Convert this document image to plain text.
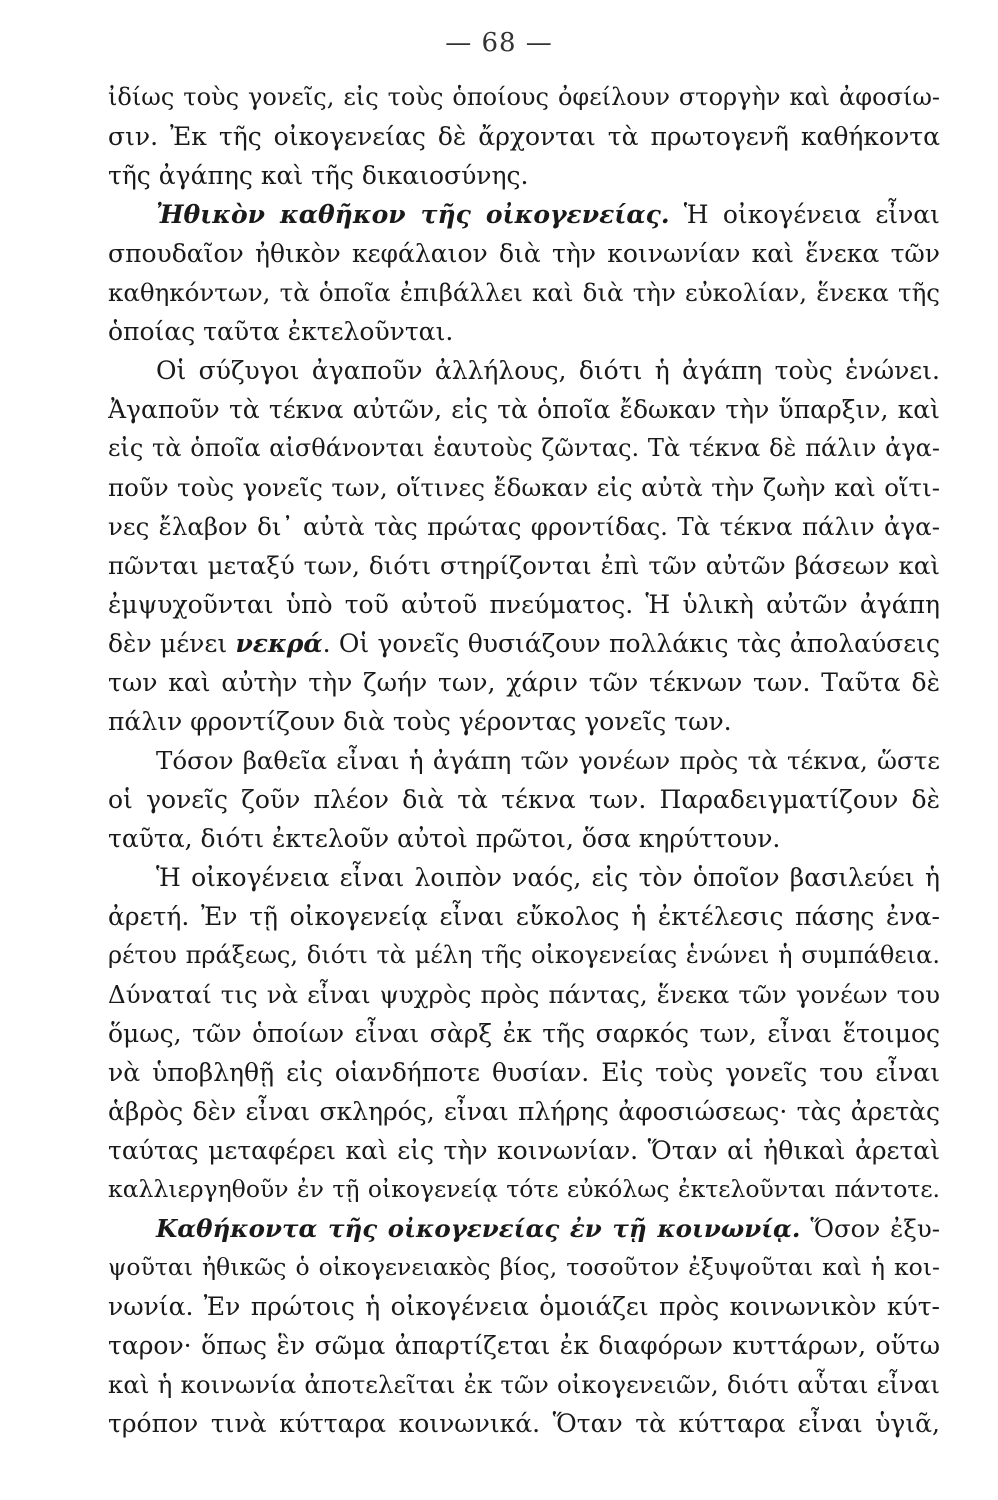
— 68 —
ἰδίως τοὺς γονεῖς, εἰς τοὺς ὁποίους ὀφείλουν στοργὴν καὶ ἀφοσίω-
σιν. Ἐκ τῆς οἰκογενείας δὲ ἄρχονται τὰ πρωτογενῆ καθήκοντα
τῆς ἀγάπης καὶ τῆς δικαιοσύνης.
Ἠθικὸν καθῆκον τῆς οἰκογενείας. Ἡ οἰκογένεια εἶναι
σπουδαῖον ἠθικὸν κεφάλαιον διὰ τὴν κοινωνίαν καὶ ἕνεκα τῶν
καθηκόντων, τὰ ὁποῖα ἐπιβάλλει καὶ διὰ τὴν εὐκολίαν, ἕνεκα τῆς
ὁποίας ταῦτα ἐκτελοῦνται.
Οἱ σύζυγοι ἀγαποῦν ἀλλήλους, διότι ἡ ἀγάπη τοὺς ἑνώνει.
Ἀγαποῦν τὰ τέκνα αὐτῶν, εἰς τὰ ὁποῖα ἔδωκαν τὴν ὕπαρξιν, καὶ
εἰς τὰ ὁποῖα αἰσθάνονται ἑαυτοὺς ζῶντας. Τὰ τέκνα δὲ πάλιν ἀγα-
ποῦν τοὺς γονεῖς των, οἵτινες ἔδωκαν εἰς αὐτὰ τὴν ζωὴν καὶ οἵτι-
νες ἔλαβον δι᾽ αὐτὰ τὰς πρώτας φροντίδας. Τὰ τέκνα πάλιν ἀγα-
πῶνται μεταξύ των, διότι στηρίζονται ἐπὶ τῶν αὐτῶν βάσεων καὶ
ἐμψυχοῦνται ὑπὸ τοῦ αὐτοῦ πνεύματος. Ἡ ὑλικὴ αὐτῶν ἀγάπη
δὲν μένει νεκρά. Οἱ γονεῖς θυσιάζουν πολλάκις τὰς ἀπολαύσεις
των καὶ αὐτὴν τὴν ζωήν των, χάριν τῶν τέκνων των. Ταῦτα δὲ
πάλιν φροντίζουν διὰ τοὺς γέροντας γονεῖς των.
Τόσον βαθεῖα εἶναι ἡ ἀγάπη τῶν γονέων πρὸς τὰ τέκνα, ὥστε
οἱ γονεῖς ζοῦν πλέον διὰ τὰ τέκνα των. Παραδειγματίζουν δὲ
ταῦτα, διότι ἐκτελοῦν αὐτοὶ πρῶτοι, ὅσα κηρύττουν.
Ἡ οἰκογένεια εἶναι λοιπὸν ναός, εἰς τὸν ὁποῖον βασιλεύει ἡ
ἀρετή. Ἐν τῇ οἰκογενείᾳ εἶναι εὔκολος ἡ ἐκτέλεσις πάσης ἐνα-
ρέτου πράξεως, διότι τὰ μέλη τῆς οἰκογενείας ἑνώνει ἡ συμπάθεια.
Δύναταί τις νὰ εἶναι ψυχρὸς πρὸς πάντας, ἕνεκα τῶν γονέων του
ὅμως, τῶν ὁποίων εἶναι σὰρξ ἐκ τῆς σαρκός των, εἶναι ἕτοιμος
νὰ ὑποβληθῇ εἰς οἱανδήποτε θυσίαν. Εἰς τοὺς γονεῖς του εἶναι
ἁβρὸς δὲν εἶναι σκληρός, εἶναι πλήρης ἀφοσιώσεως· τὰς ἀρετὰς
ταύτας μεταφέρει καὶ εἰς τὴν κοινωνίαν. Ὅταν αἱ ἠθικαὶ ἀρεταὶ
καλλιεργηθοῦν ἐν τῇ οἰκογενείᾳ τότε εὐκόλως ἐκτελοῦνται πάντοτε.
Καθήκοντα τῆς οἰκογενείας ἐν τῇ κοινωνίᾳ. Ὅσον ἐξυ-
ψοῦται ἠθικῶς ὁ οἰκογενειακὸς βίος, τοσοῦτον ἐξυψοῦται καὶ ἡ κοι-
νωνία. Ἐν πρώτοις ἡ οἰκογένεια ὁμοιάζει πρὸς κοινωνικὸν κύτ-
ταρον· ὅπως ἓν σῶμα ἀπαρτίζεται ἐκ διαφόρων κυττάρων, οὕτω
καὶ ἡ κοινωνία ἀποτελεῖται ἐκ τῶν οἰκογενειῶν, διότι αὗται εἶναι
τρόπον τινὰ κύτταρα κοινωνικά. Ὅταν τὰ κύτταρα εἶναι ὑγιᾶ,
